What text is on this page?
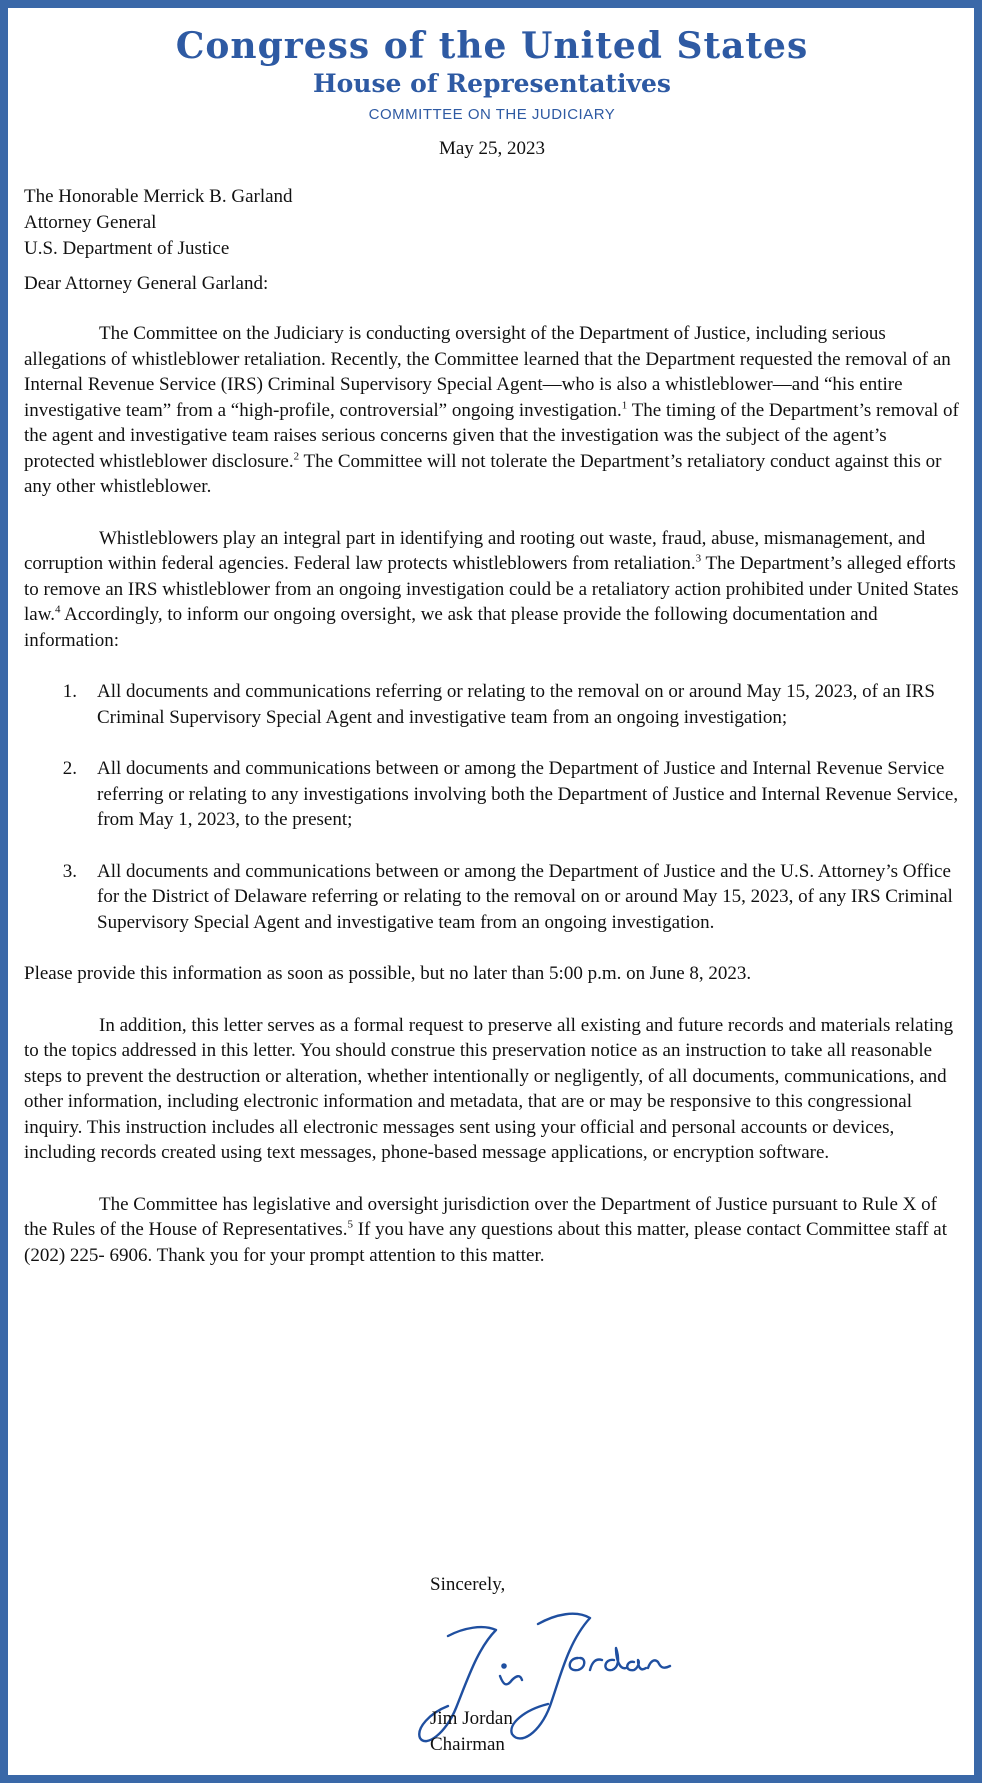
Congress of the United States
House of Representatives
COMMITTEE ON THE JUDICIARY
May 25, 2023
The Honorable Merrick B. Garland
Attorney General
U.S. Department of Justice
Dear Attorney General Garland:

The Committee on the Judiciary is conducting oversight of the Department of Justice, including serious allegations of whistleblower retaliation. Recently, the Committee learned that the Department requested the removal of an Internal Revenue Service (IRS) Criminal Supervisory Special Agent—who is also a whistleblower—and “his entire investigative team” from a “high-profile, controversial” ongoing investigation.$^1$ The timing of the Department’s removal of the agent and investigative team raises serious concerns given that the investigation was the subject of the agent’s protected whistleblower disclosure.$^2$ The Committee will not tolerate the Department’s retaliatory conduct against this or any other whistleblower.

Whistleblowers play an integral part in identifying and rooting out waste, fraud, abuse, mismanagement, and corruption within federal agencies. Federal law protects whistleblowers from retaliation.$^3$ The Department’s alleged efforts to remove an IRS whistleblower from an ongoing investigation could be a retaliatory action prohibited under United States law.$^4$ Accordingly, to inform our ongoing oversight, we ask that please provide the following documentation and information:

1.	All documents and communications referring or relating to the removal on or around May 15, 2023, of an IRS Criminal Supervisory Special Agent and investigative team from an ongoing investigation;
2.	All documents and communications between or among the Department of Justice and Internal Revenue Service referring or relating to any investigations involving both the Department of Justice and Internal Revenue Service, from May 1, 2023, to the present;
3.	All documents and communications between or among the Department of Justice and the U.S. Attorney’s Office for the District of Delaware referring or relating to the removal on or around May 15, 2023, of any IRS Criminal Supervisory Special Agent and investigative team from an ongoing investigation.
Please provide this information as soon as possible, but no later than 5:00 p.m. on June 8, 2023.

In addition, this letter serves as a formal request to preserve all existing and future records and materials relating to the topics addressed in this letter. You should construe this preservation notice as an instruction to take all reasonable steps to prevent the destruction or alteration, whether intentionally or negligently, of all documents, communications, and other information, including electronic information and metadata, that are or may be responsive to this congressional inquiry. This instruction includes all electronic messages sent using your official and personal accounts or devices, including records created using text messages, phone-based message applications, or encryption software.

The Committee has legislative and oversight jurisdiction over the Department of Justice pursuant to Rule X of the Rules of the House of Representatives.$^5$ If you have any questions about this matter, please contact Committee staff at (202) 225- 6906. Thank you for your prompt attention to this matter.

Sincerely,
Jim Jordan
Chairman
